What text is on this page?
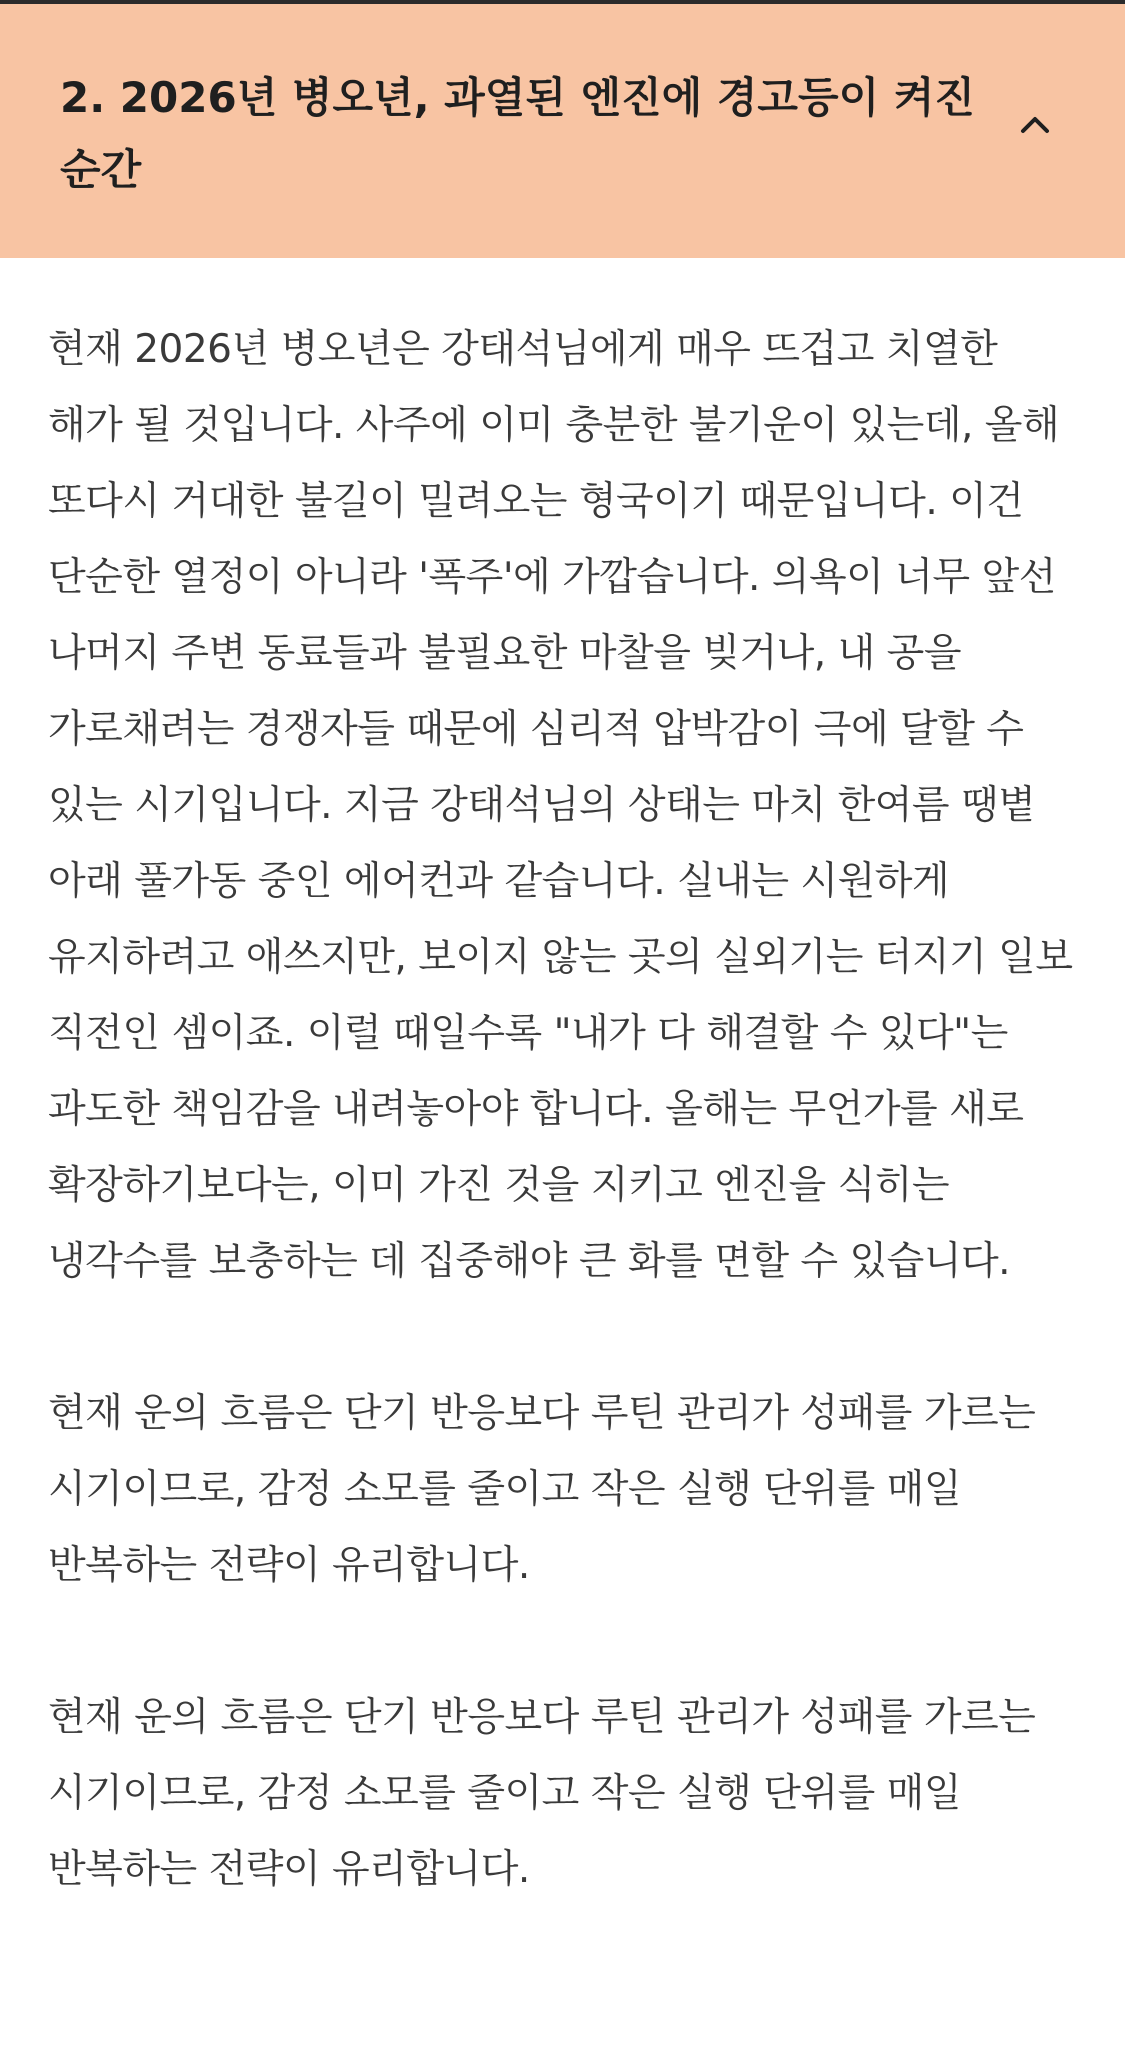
2. 2026년 병오년, 과열된 엔진에 경고등이 켜진 순간

현재 2026년 병오년은 강태석님에게 매우 뜨겁고 치열한 해가 될 것입니다. 사주에 이미 충분한 불기운이 있는데, 올해 또다시 거대한 불길이 밀려오는 형국이기 때문입니다. 이건 단순한 열정이 아니라 '폭주'에 가깝습니다. 의욕이 너무 앞선 나머지 주변 동료들과 불필요한 마찰을 빚거나, 내 공을 가로채려는 경쟁자들 때문에 심리적 압박감이 극에 달할 수 있는 시기입니다. 지금 강태석님의 상태는 마치 한여름 땡볕 아래 풀가동 중인 에어컨과 같습니다. 실내는 시원하게 유지하려고 애쓰지만, 보이지 않는 곳의 실외기는 터지기 일보 직전인 셈이죠. 이럴 때일수록 "내가 다 해결할 수 있다"는 과도한 책임감을 내려놓아야 합니다. 올해는 무언가를 새로 확장하기보다는, 이미 가진 것을 지키고 엔진을 식히는 냉각수를 보충하는 데 집중해야 큰 화를 면할 수 있습니다.

현재 운의 흐름은 단기 반응보다 루틴 관리가 성패를 가르는 시기이므로, 감정 소모를 줄이고 작은 실행 단위를 매일 반복하는 전략이 유리합니다.

현재 운의 흐름은 단기 반응보다 루틴 관리가 성패를 가르는 시기이므로, 감정 소모를 줄이고 작은 실행 단위를 매일 반복하는 전략이 유리합니다.
